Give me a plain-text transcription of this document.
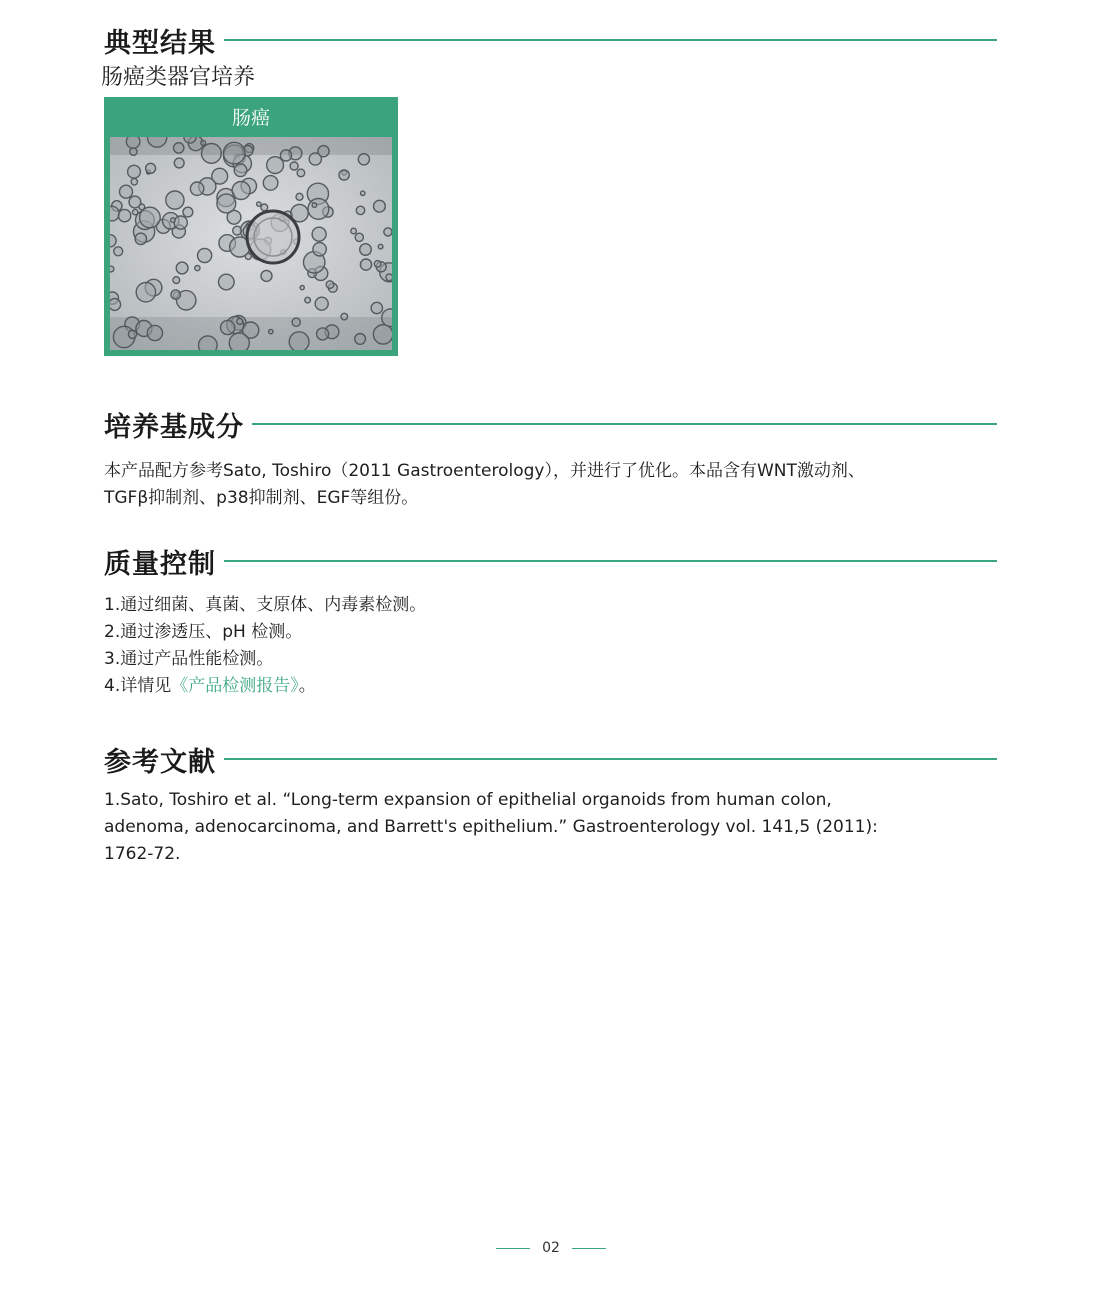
典型结果
肠癌类器官培养
肠癌
培养基成分
本产品配方参考Sato, Toshiro（2011 Gastroenterology），并进行了优化。本品含有WNT激动剂、
TGFβ抑制剂、p38抑制剂、EGF等组份。
质量控制
1.通过细菌、真菌、支原体、内毒素检测。
2.通过渗透压、pH 检测。
3.通过产品性能检测。
4.详情见《产品检测报告》。
参考文献
1.Sato, Toshiro et al. “Long-term expansion of epithelial organoids from human colon,
adenoma, adenocarcinoma, and Barrett's epithelium.” Gastroenterology vol. 141,5 (2011):
1762-72.
02
